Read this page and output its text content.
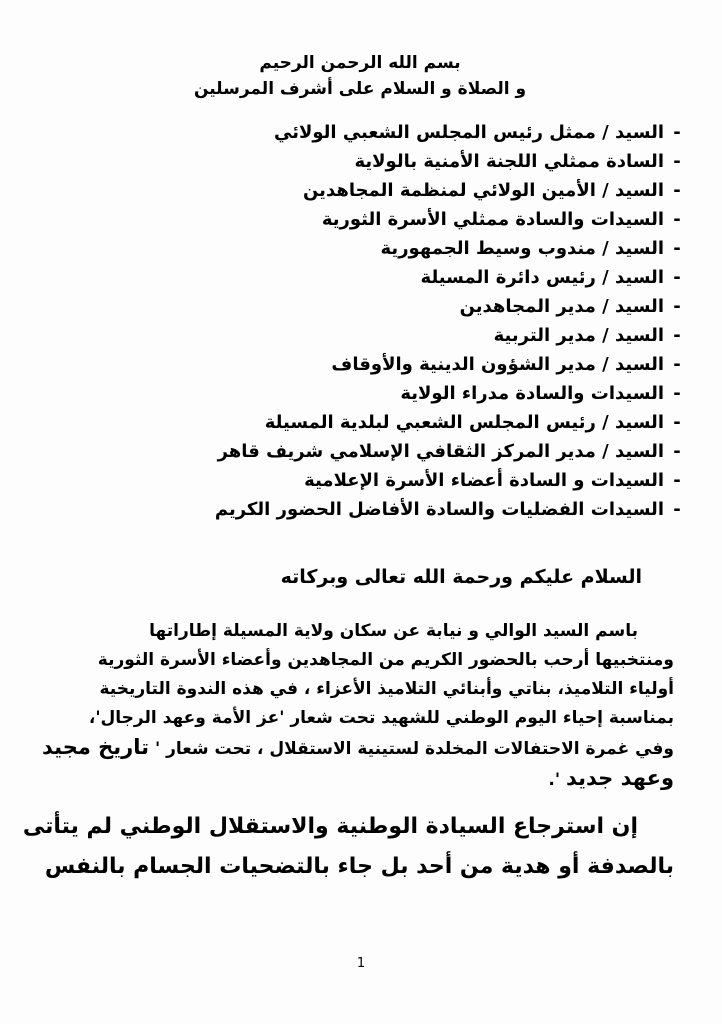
بسم الله الرحمن الرحيم
و الصلاة و السلام على أشرف المرسلين
-
السيد / ممثل رئيس المجلس الشعبي الولائي
-
السادة ممثلي اللجنة الأمنية بالولاية
-
السيد / الأمين الولائي لمنظمة المجاهدين
-
السيدات والسادة ممثلي الأسرة الثورية
-
السيد / مندوب وسيط الجمهورية
-
السيد / رئيس دائرة المسيلة
-
السيد / مدير المجاهدين
-
السيد / مدير التربية
-
السيد / مدير الشؤون الدينية والأوقاف
-
السيدات والسادة مدراء الولاية
-
السيد / رئيس المجلس الشعبي لبلدية المسيلة
-
السيد / مدير المركز الثقافي الإسلامي شريف قاهر
-
السيدات و السادة أعضاء الأسرة الإعلامية
-
السيدات الفضليات والسادة الأفاضل الحضور الكريم
السلام عليكم ورحمة الله تعالى وبركاته

باسم السيد الوالي و نيابة عن سكان ولاية المسيلة إطاراتها
ومنتخبيها أرحب بالحضور الكريم من المجاهدين وأعضاء الأسرة الثورية
أولياء التلاميذ، بناتي وأبنائي التلاميذ الأعزاء ، في هذه الندوة التاريخية
بمناسبة إحياء اليوم الوطني للشهيد تحت شعار 'عز الأمة وعهد الرجال'،
وفي غمرة الاحتفالات المخلدة لستينية الاستقلال ، تحت شعار ' تاريخ مجيد
وعهد جديد '.

إن استرجاع السيادة الوطنية والاستقلال الوطني لم يتأتى
بالصدفة أو هدية من أحد بل جاء بالتضحيات الجسام بالنفس

1
